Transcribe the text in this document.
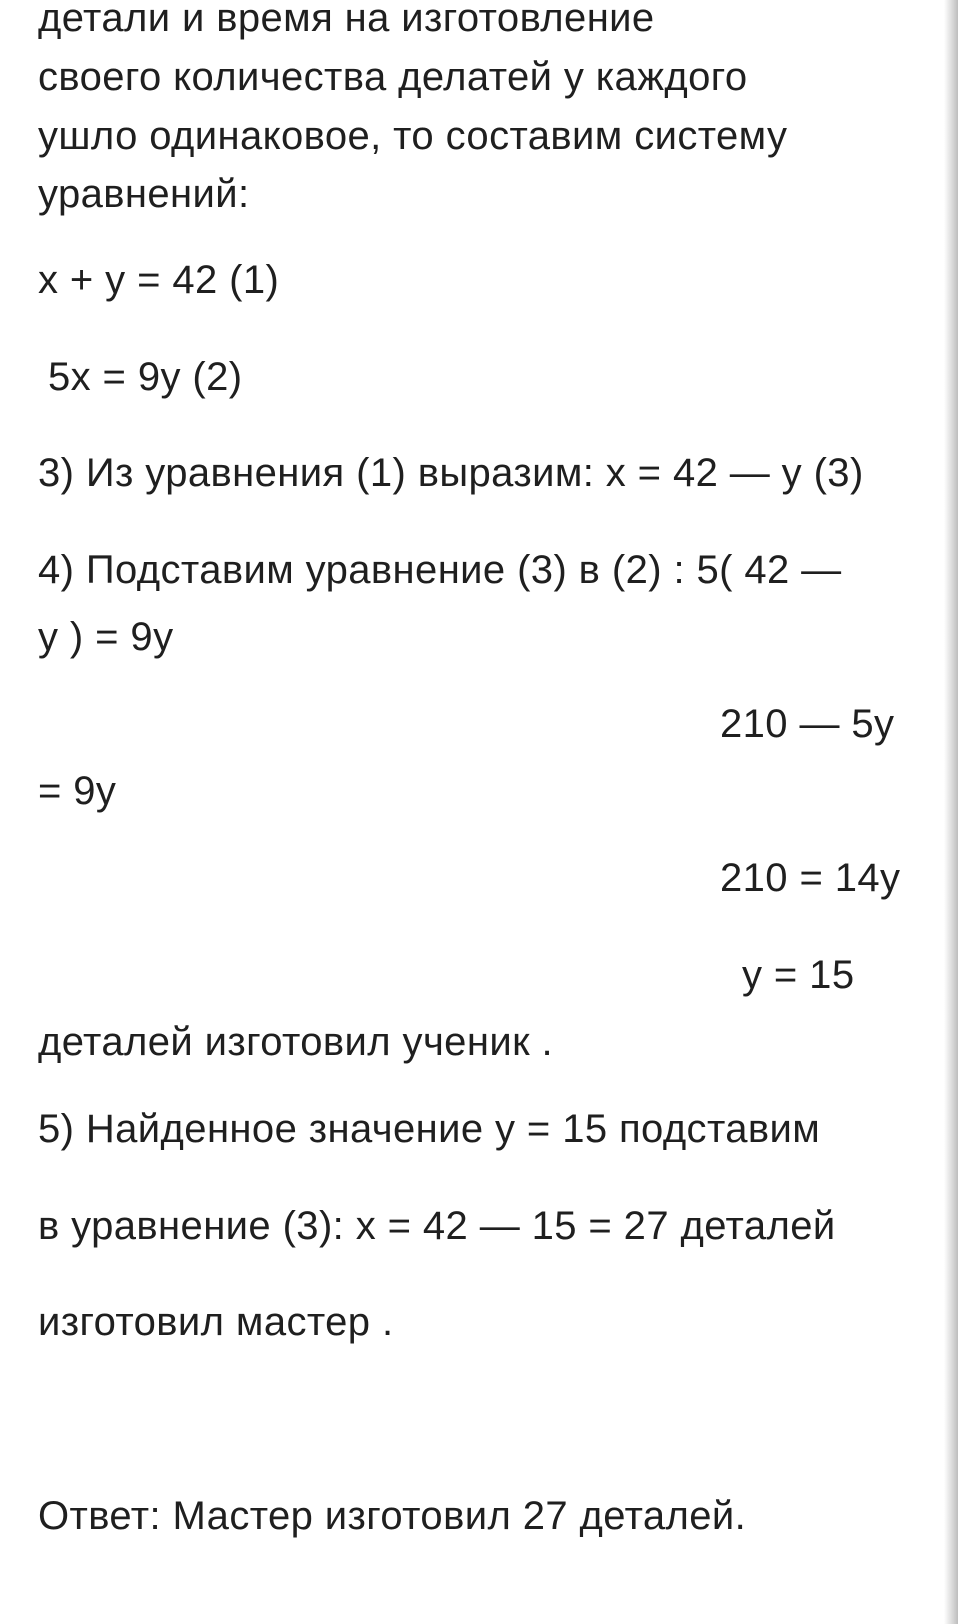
детали и время на изготовление
своего количества делатей у каждого
ушло одинаковое, то составим систему
уравнений:
x + y = 42 (1)
5x = 9y (2)
3) Из уравнения (1) выразим: x = 42 — y (3)
4) Подставим уравнение (3) в (2) : 5( 42 —
y ) = 9y
210 — 5y
= 9y
210 = 14y
y = 15
деталей изготовил ученик .
5) Найденное значение y = 15 подставим
в уравнение (3): x = 42 — 15 = 27 деталей
изготовил мастер .
Ответ: Мастер изготовил 27 деталей.
